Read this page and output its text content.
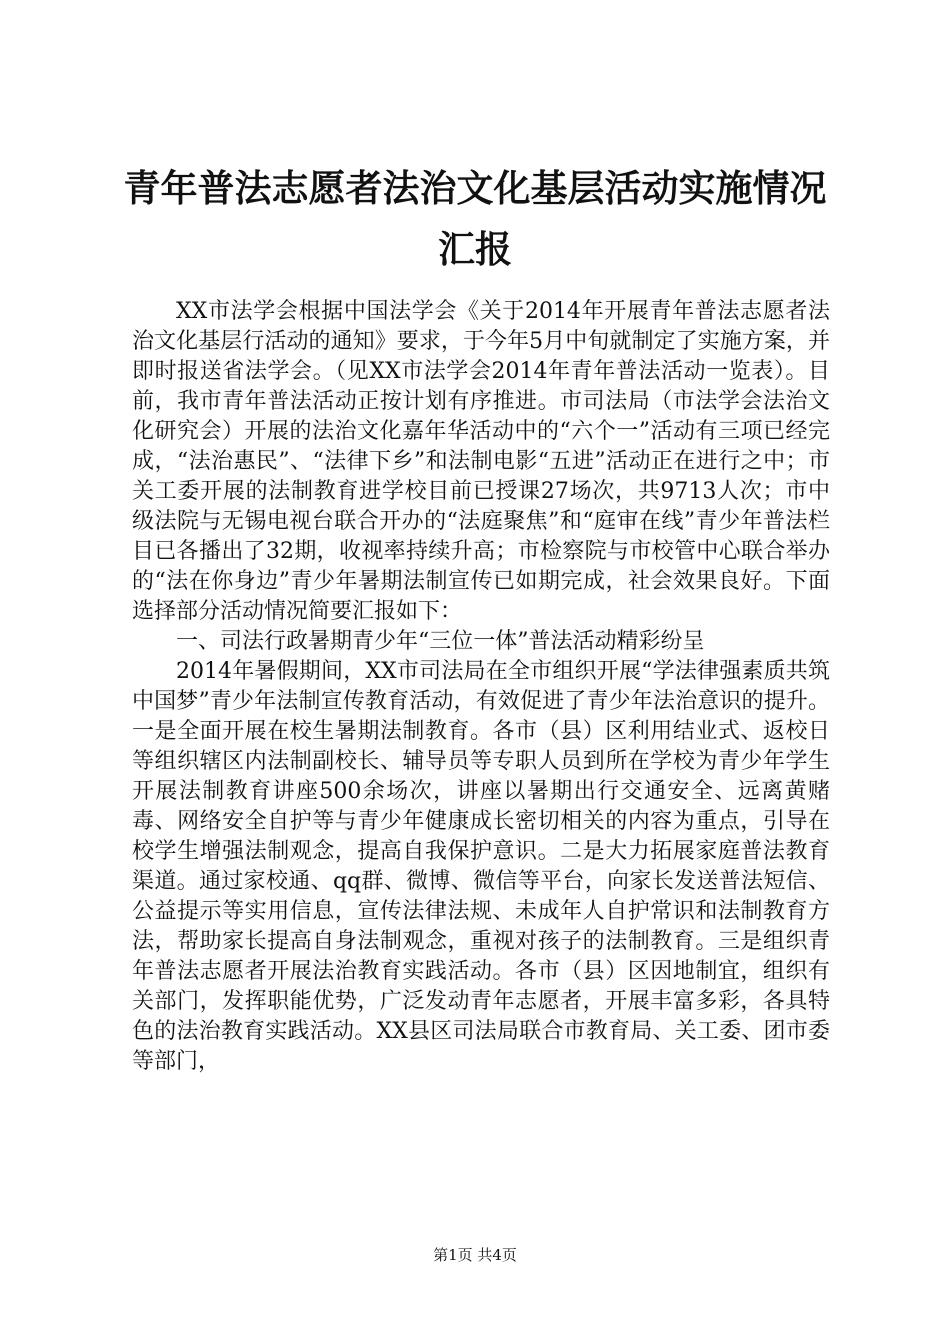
青年普法志愿者法治文化基层活动实施情况汇报

XX市法学会根据中国法学会《关于2014年开展青年普法志愿者法治文化基层行活动的通知》要求，于今年5月中旬就制定了实施方案，并即时报送省法学会。（见XX市法学会2014年青年普法活动一览表）。目前，我市青年普法活动正按计划有序推进。市司法局（市法学会法治文化研究会）开展的法治文化嘉年华活动中的“六个一”活动有三项已经完成，“法治惠民”、“法律下乡”和法制电影“五进”活动正在进行之中；市关工委开展的法制教育进学校目前已授课27场次，共9713人次；市中级法院与无锡电视台联合开办的“法庭聚焦”和“庭审在线”青少年普法栏目已各播出了32期，收视率持续升高；市检察院与市校管中心联合举办的“法在你身边”青少年暑期法制宣传已如期完成，社会效果良好。下面选择部分活动情况简要汇报如下：

一、司法行政暑期青少年“三位一体”普法活动精彩纷呈

2014年暑假期间，XX市司法局在全市组织开展“学法律强素质共筑中国梦”青少年法制宣传教育活动，有效促进了青少年法治意识的提升。一是全面开展在校生暑期法制教育。各市（县）区利用结业式、返校日等组织辖区内法制副校长、辅导员等专职人员到所在学校为青少年学生开展法制教育讲座500余场次，讲座以暑期出行交通安全、远离黄赌毒、网络安全自护等与青少年健康成长密切相关的内容为重点，引导在校学生增强法制观念，提高自我保护意识。二是大力拓展家庭普法教育渠道。通过家校通、qq群、微博、微信等平台，向家长发送普法短信、公益提示等实用信息，宣传法律法规、未成年人自护常识和法制教育方法，帮助家长提高自身法制观念，重视对孩子的法制教育。三是组织青年普法志愿者开展法治教育实践活动。各市（县）区因地制宜，组织有关部门，发挥职能优势，广泛发动青年志愿者，开展丰富多彩，各具特色的法治教育实践活动。XX县区司法局联合市教育局、关工委、团市委等部门，

第1页 共4页
